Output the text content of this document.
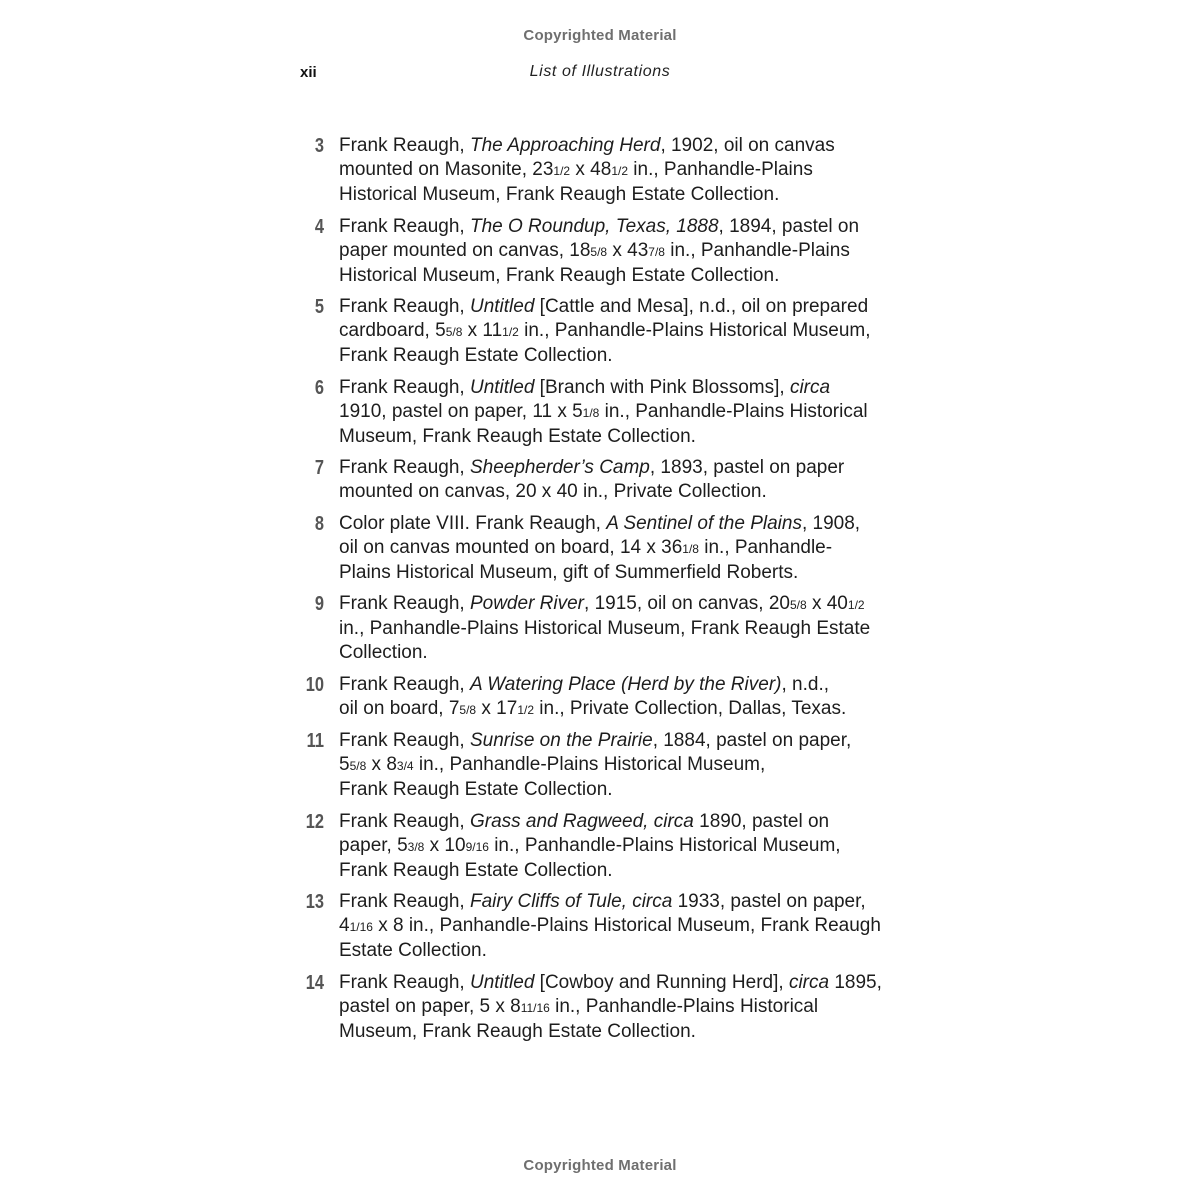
Copyrighted Material
xii	List of Illustrations
3 Frank Reaugh, The Approaching Herd, 1902, oil on canvas
mounted on Masonite, 231/2 x 481/2 in., Panhandle-Plains
Historical Museum, Frank Reaugh Estate Collection.
4 Frank Reaugh, The O Roundup, Texas, 1888, 1894, pastel on
paper mounted on canvas, 185/8 x 437/8 in., Panhandle-Plains
Historical Museum, Frank Reaugh Estate Collection.
5 Frank Reaugh, Untitled [Cattle and Mesa], n.d., oil on prepared
cardboard, 55/8 x 111/2 in., Panhandle-Plains Historical Museum,
Frank Reaugh Estate Collection.
6 Frank Reaugh, Untitled [Branch with Pink Blossoms], circa
1910, pastel on paper, 11 x 51/8 in., Panhandle-Plains Historical
Museum, Frank Reaugh Estate Collection.
7 Frank Reaugh, Sheepherder’s Camp, 1893, pastel on paper
mounted on canvas, 20 x 40 in., Private Collection.
8 Color plate VIII. Frank Reaugh, A Sentinel of the Plains, 1908,
oil on canvas mounted on board, 14 x 361/8 in., Panhandle-
Plains Historical Museum, gift of Summerfield Roberts.
9 Frank Reaugh, Powder River, 1915, oil on canvas, 205/8 x 401/2
in., Panhandle-Plains Historical Museum, Frank Reaugh Estate
Collection.
10 Frank Reaugh, A Watering Place (Herd by the River), n.d.,
oil on board, 75/8 x 171/2 in., Private Collection, Dallas, Texas.
11 Frank Reaugh, Sunrise on the Prairie, 1884, pastel on paper,
55/8 x 83/4 in., Panhandle-Plains Historical Museum,
Frank Reaugh Estate Collection.
12 Frank Reaugh, Grass and Ragweed, circa 1890, pastel on
paper, 53/8 x 109/16 in., Panhandle-Plains Historical Museum,
Frank Reaugh Estate Collection.
13 Frank Reaugh, Fairy Cliffs of Tule, circa 1933, pastel on paper,
41/16 x 8 in., Panhandle-Plains Historical Museum, Frank Reaugh
Estate Collection.
14 Frank Reaugh, Untitled [Cowboy and Running Herd], circa 1895,
pastel on paper, 5 x 811/16 in., Panhandle-Plains Historical
Museum, Frank Reaugh Estate Collection.
Copyrighted Material
